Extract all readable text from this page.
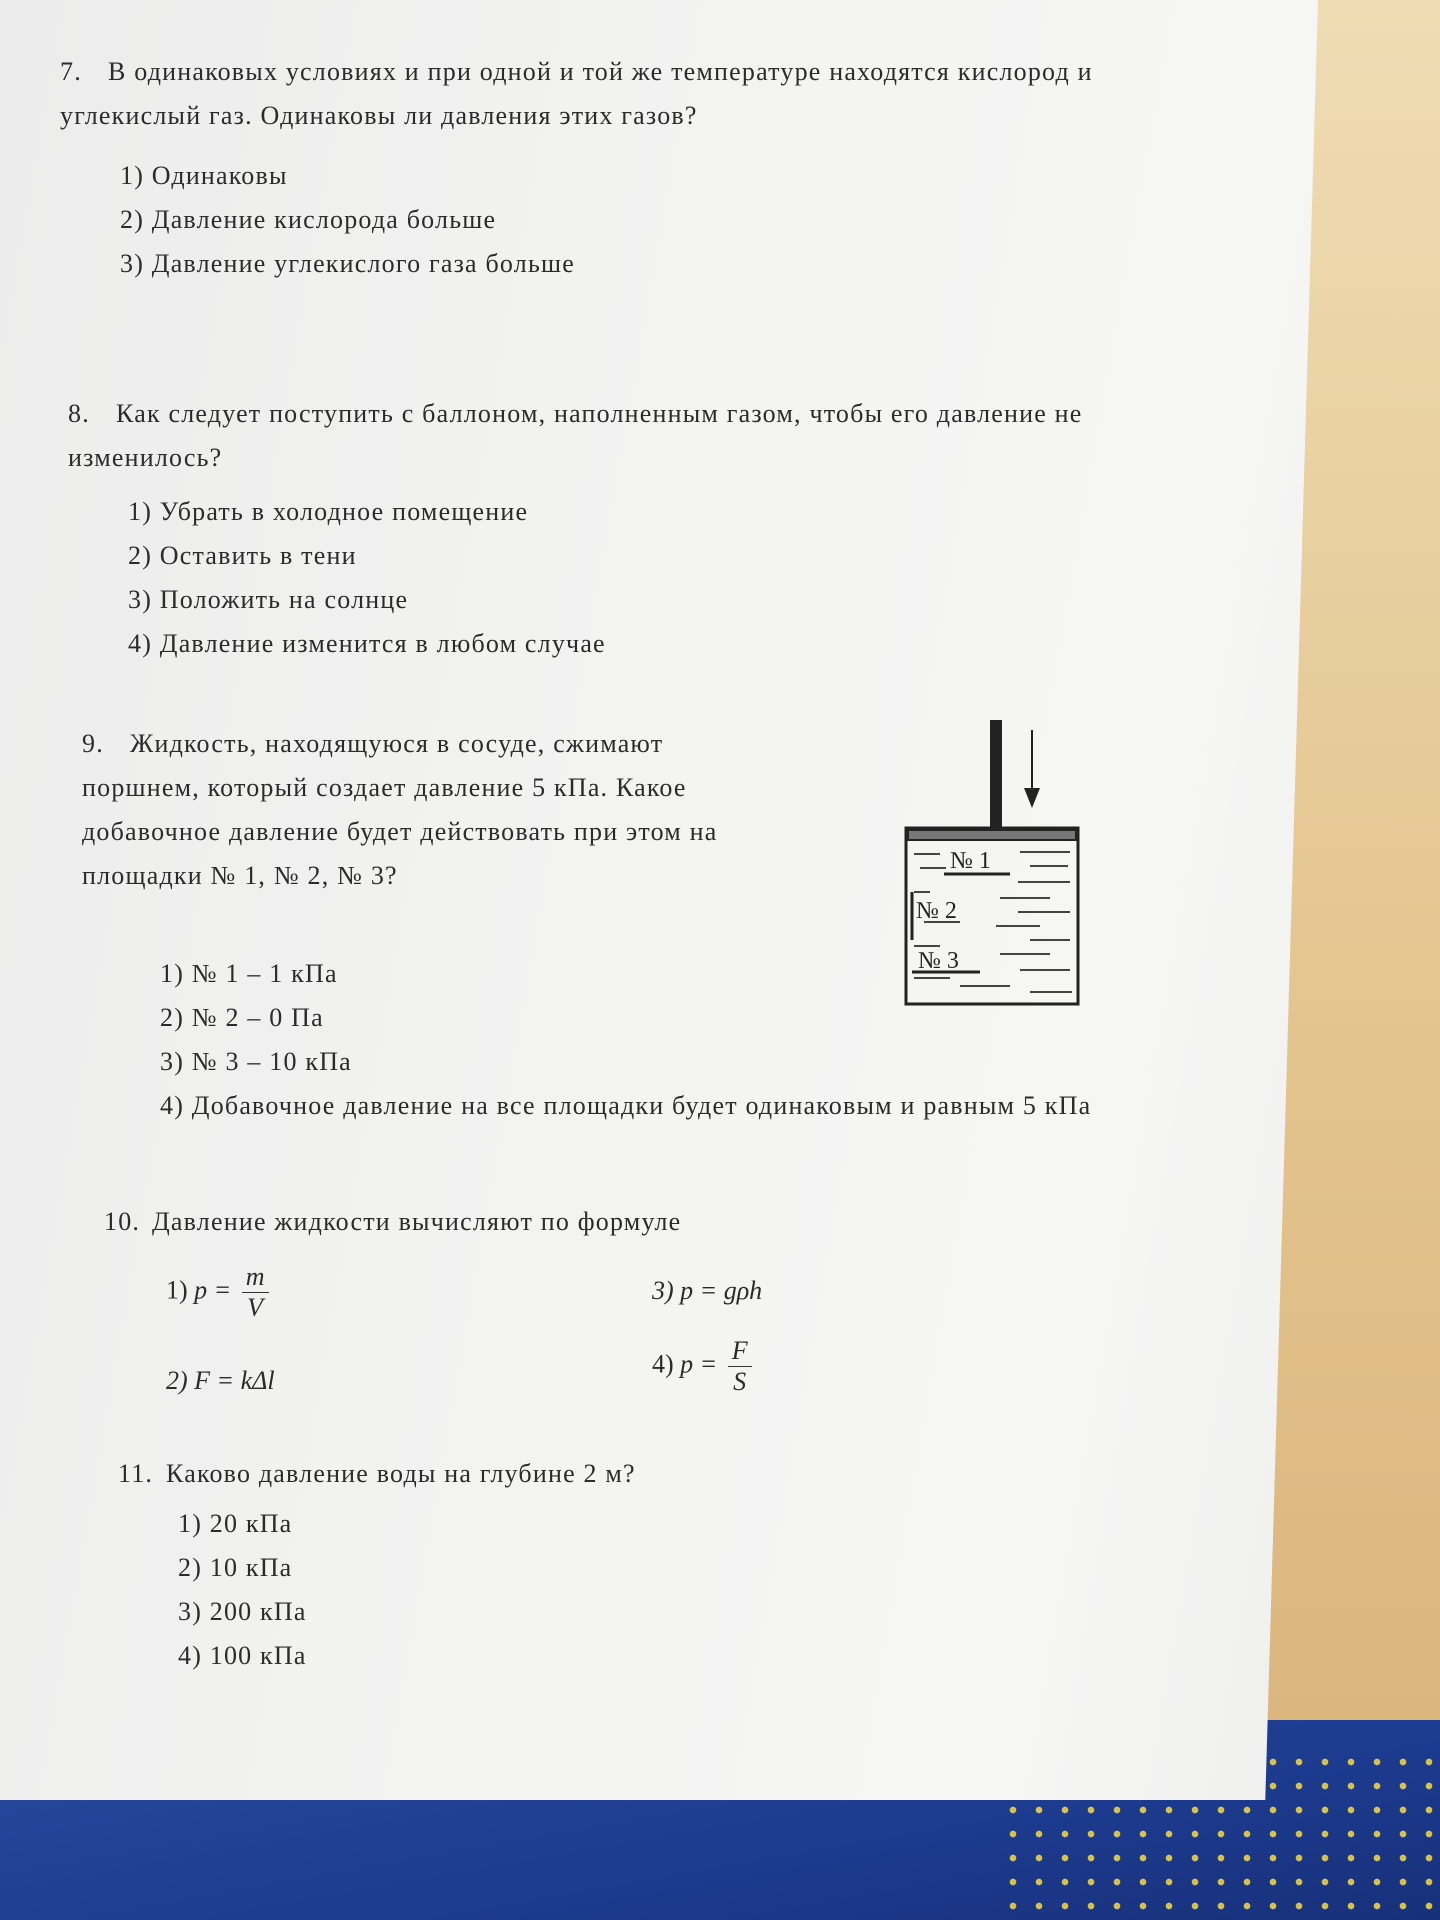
7. В одинаковых условиях и при одной и той же температуре находятся кислород и углекислый газ. Одинаковы ли давления этих газов?
1) Одинаковы
2) Давление кислорода больше
3) Давление углекислого газа больше
8. Как следует поступить с баллоном, наполненным газом, чтобы его давление не изменилось?
1) Убрать в холодное помещение
2) Оставить в тени
3) Положить на солнце
4) Давление изменится в любом случае
9. Жидкость, находящуюся в сосуде, сжимают поршнем, который создает давление 5 кПа. Какое добавочное давление будет действовать при этом на площадки № 1, № 2, № 3?
1) № 1 – 1 кПа
2) № 2 – 0 Па
3) № 3 – 10 кПа
4) Добавочное давление на все площадки будет одинаковым и равным 5 кПа
№ 1
№ 2
№ 3
10. Давление жидкости вычисляют по формуле
1) $p = \frac{m}{V}$
2) F = kΔl
3) p = gρh
4) $p = \frac{F}{S}$
11. Каково давление воды на глубине 2 м?
1) 20 кПа
2) 10 кПа
3) 200 кПа
4) 100 кПа
